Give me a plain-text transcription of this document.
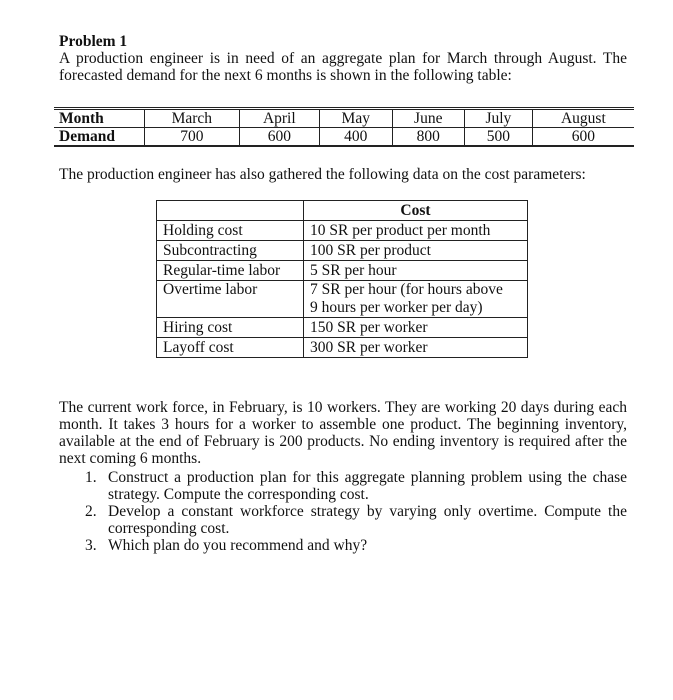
Problem 1

A production engineer is in need of an aggregate plan for March through August. The forecasted demand for the next 6 months is shown in the following table:

Month	March	April	May	June	July	August
Demand	700	600	400	800	500	600

The production engineer has also gathered the following data on the cost parameters:

	Cost
Holding cost	10 SR per product per month
Subcontracting	100 SR per product
Regular-time labor	5 SR per hour
Overtime labor	7 SR per hour (for hours above
9 hours per worker per day)

Hiring cost	150 SR per worker
Layoff cost	300 SR per worker

The current work force, in February, is 10 workers. They are working 20 days during each month. It takes 3 hours for a worker to assemble one product. The beginning inventory, available at the end of February is 200 products. No ending inventory is required after the next coming 6 months.

1. Construct a production plan for this aggregate planning problem using the chase strategy. Compute the corresponding cost.
2. Develop a constant workforce strategy by varying only overtime. Compute the corresponding cost.
3. Which plan do you recommend and why?
